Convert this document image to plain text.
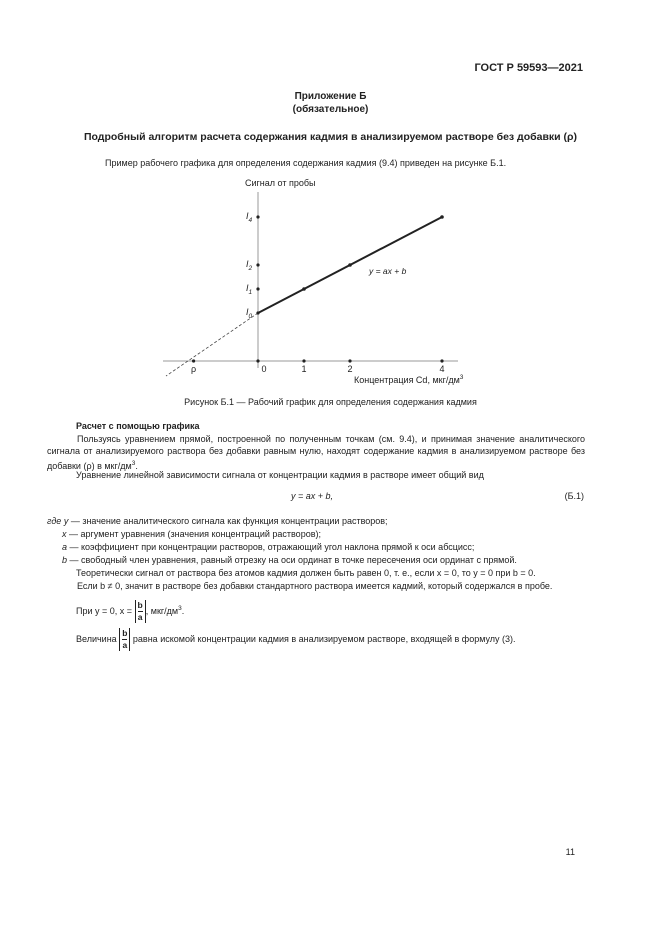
ГОСТ Р 59593—2021
Приложение Б
(обязательное)
Подробный алгоритм расчета содержания кадмия в анализируемом растворе без добавки (ρ)
Пример рабочего графика для определения содержания кадмия (9.4) приведен на рисунке Б.1.
Сигнал от пробы
$I_0$
$I_1$
$I_2$
$I_4$
ρ	0	1	2	4
Концентрация Cd, мкг/$дм^3$
y = ax + b
Рисунок Б.1 — Рабочий график для определения содержания кадмия
Расчет с помощью графика
Пользуясь уравнением прямой, построенной по полученным точкам (см. 9.4), и принимая значение аналитического сигнала от анализируемого раствора без добавки равным нулю, находят содержание кадмия в анализируемом растворе без добавки (ρ) в мкг/$дм^3$.
Уравнение линейной зависимости сигнала от концентрации кадмия в растворе имеет общий вид
y = ax + b,	(Б.1)
где y — значение аналитического сигнала как функция концентрации растворов;
x — аргумент уравнения (значения концентраций растворов);
a — коэффициент при концентрации растворов, отражающий угол наклона прямой к оси абсцисс;
b — свободный член уравнения, равный отрезку на оси ординат в точке пересечения оси ординат с прямой.
Теоретически сигнал от раствора без атомов кадмия должен быть равен 0, т. е., если x = 0, то y = 0 при b = 0.
Если b ≠ 0, значит в растворе без добавки стандартного раствора имеется кадмий, который содержался в пробе.
При y = 0, $x = \frac{b}{a}$ , мкг/$дм^3$.
Величина $\frac{b}{a}$ равна искомой концентрации кадмия в анализируемом растворе, входящей в формулу (3).
11
